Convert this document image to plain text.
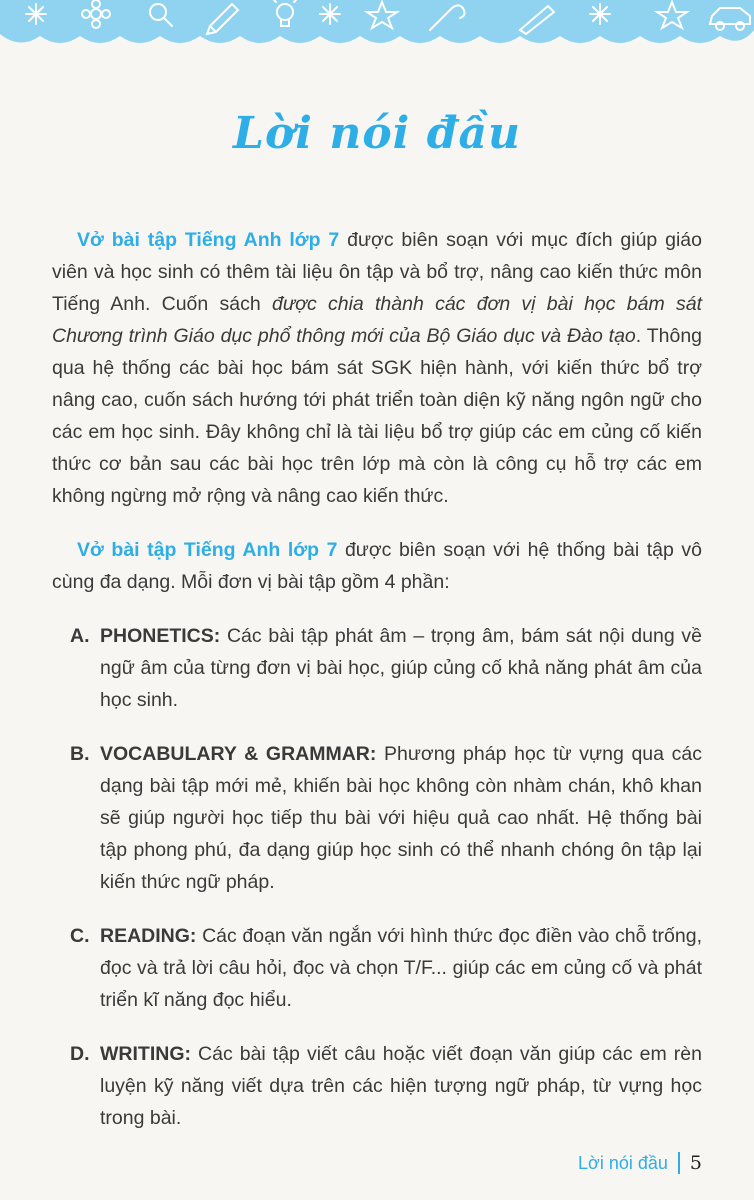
Lời nói đầu
Vở bài tập Tiếng Anh lớp 7 được biên soạn với mục đích giúp giáo viên và học sinh có thêm tài liệu ôn tập và bổ trợ, nâng cao kiến thức môn Tiếng Anh. Cuốn sách được chia thành các đơn vị bài học bám sát Chương trình Giáo dục phổ thông mới của Bộ Giáo dục và Đào tạo. Thông qua hệ thống các bài học bám sát SGK hiện hành, với kiến thức bổ trợ nâng cao, cuốn sách hướng tới phát triển toàn diện kỹ năng ngôn ngữ cho các em học sinh. Đây không chỉ là tài liệu bổ trợ giúp các em củng cố kiến thức cơ bản sau các bài học trên lớp mà còn là công cụ hỗ trợ các em không ngừng mở rộng và nâng cao kiến thức.
Vở bài tập Tiếng Anh lớp 7 được biên soạn với hệ thống bài tập vô cùng đa dạng. Mỗi đơn vị bài tập gồm 4 phần:
A. PHONETICS: Các bài tập phát âm – trọng âm, bám sát nội dung về ngữ âm của từng đơn vị bài học, giúp củng cố khả năng phát âm của học sinh.
B. VOCABULARY & GRAMMAR: Phương pháp học từ vựng qua các dạng bài tập mới mẻ, khiến bài học không còn nhàm chán, khô khan sẽ giúp người học tiếp thu bài với hiệu quả cao nhất. Hệ thống bài tập phong phú, đa dạng giúp học sinh có thể nhanh chóng ôn tập lại kiến thức ngữ pháp.
C. READING: Các đoạn văn ngắn với hình thức đọc điền vào chỗ trống, đọc và trả lời câu hỏi, đọc và chọn T/F... giúp các em củng cố và phát triển kĩ năng đọc hiểu.
D. WRITING: Các bài tập viết câu hoặc viết đoạn văn giúp các em rèn luyện kỹ năng viết dựa trên các hiện tượng ngữ pháp, từ vựng học trong bài.
Lời nói đầu 5
